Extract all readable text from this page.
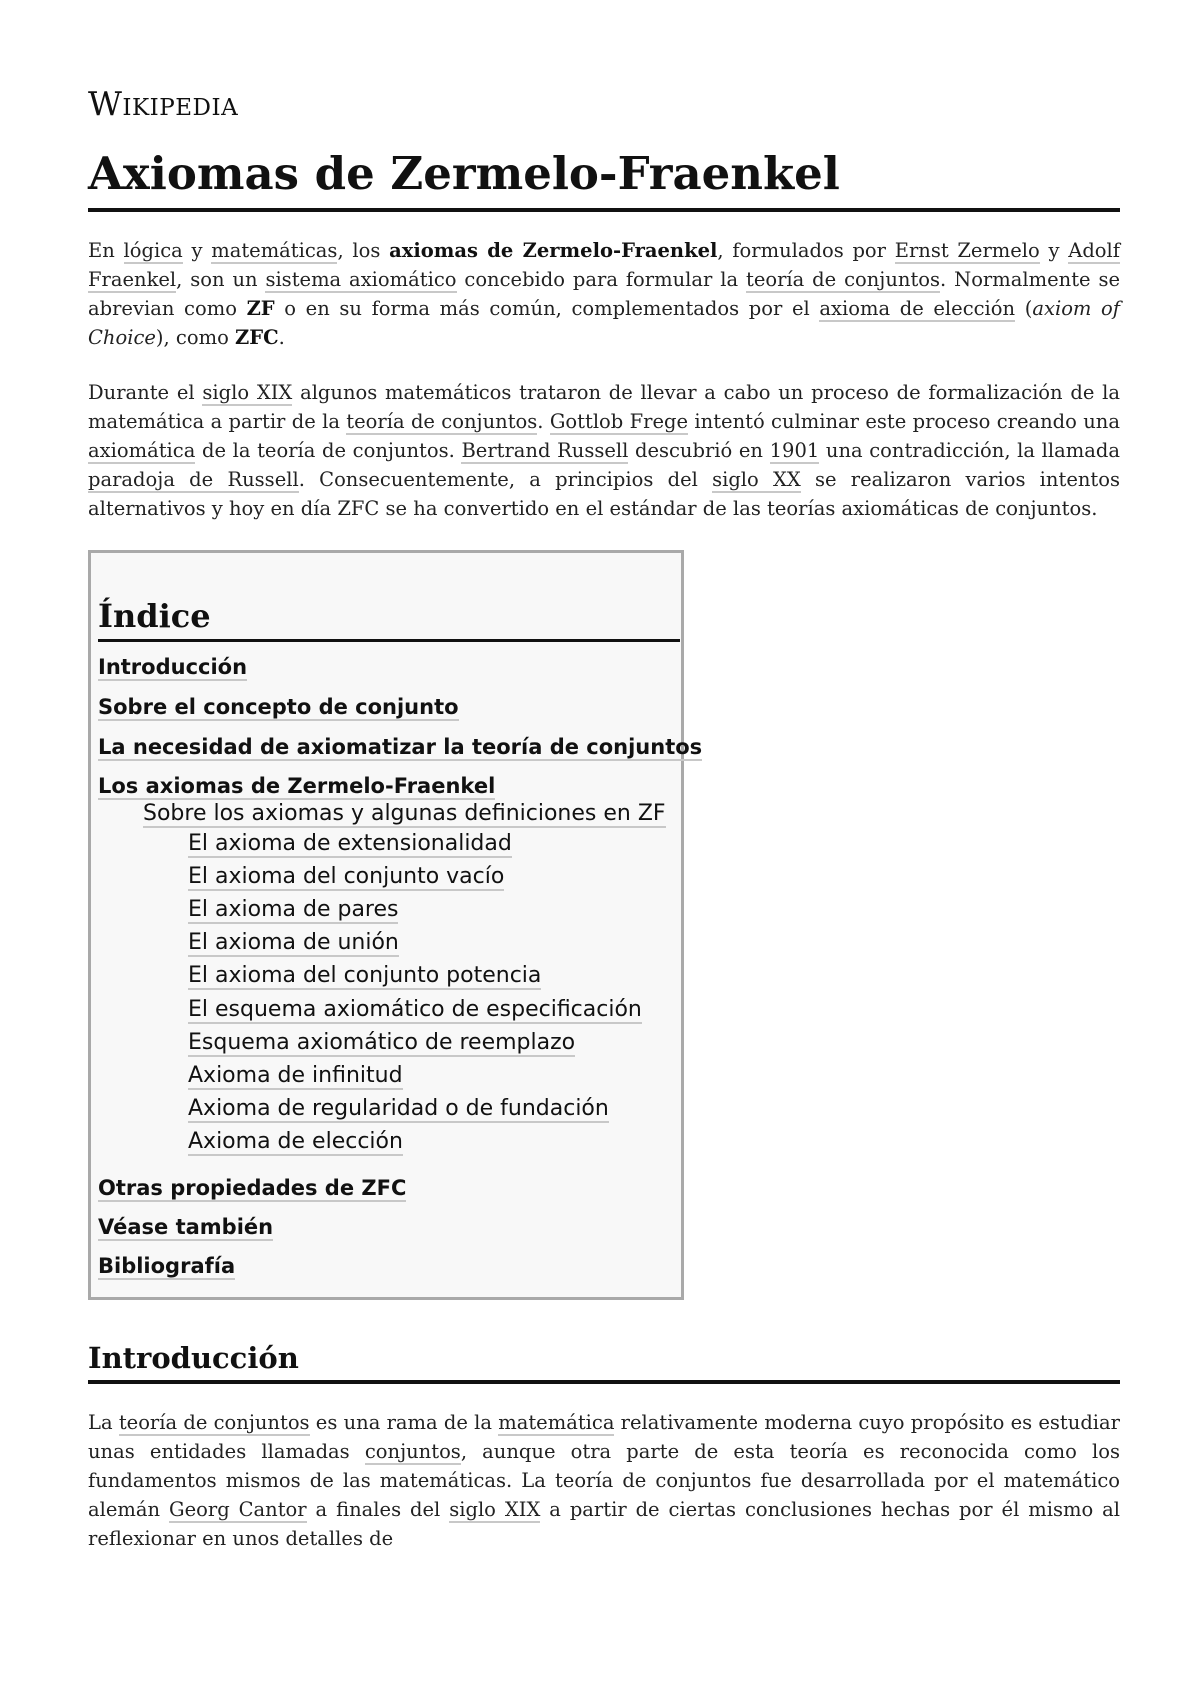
Wikipedia
Axiomas de Zermelo-Fraenkel

En lógica y matemáticas, los axiomas de Zermelo-Fraenkel, formulados por Ernst Zermelo y Adolf Fraenkel, son un sistema axiomático concebido para formular la teoría de conjuntos. Normalmente se abrevian como ZF o en su forma más común, complementados por el axioma de elección (axiom of Choice), como ZFC.

Durante el siglo XIX algunos matemáticos trataron de llevar a cabo un proceso de formalización de la matemática a partir de la teoría de conjuntos. Gottlob Frege intentó culminar este proceso creando una axiomática de la teoría de conjuntos. Bertrand Russell descubrió en 1901 una contradicción, la llamada paradoja de Russell. Consecuentemente, a principios del siglo XX se realizaron varios intentos alternativos y hoy en día ZFC se ha convertido en el estándar de las teorías axiomáticas de conjuntos.

Índice
Introducción
Sobre el concepto de conjunto
La necesidad de axiomatizar la teoría de conjuntos
Los axiomas de Zermelo-Fraenkel
Sobre los axiomas y algunas definiciones en ZF
El axioma de extensionalidad
El axioma del conjunto vacío
El axioma de pares
El axioma de unión
El axioma del conjunto potencia
El esquema axiomático de especificación
Esquema axiomático de reemplazo
Axioma de infinitud
Axioma de regularidad o de fundación
Axioma de elección
Otras propiedades de ZFC
Véase también
Bibliografía
Introducción

La teoría de conjuntos es una rama de la matemática relativamente moderna cuyo propósito es estudiar unas entidades llamadas conjuntos, aunque otra parte de esta teoría es reconocida como los fundamentos mismos de las matemáticas. La teoría de conjuntos fue desarrollada por el matemático alemán Georg Cantor a finales del siglo XIX a partir de ciertas conclusiones hechas por él mismo al reflexionar en unos detalles de
